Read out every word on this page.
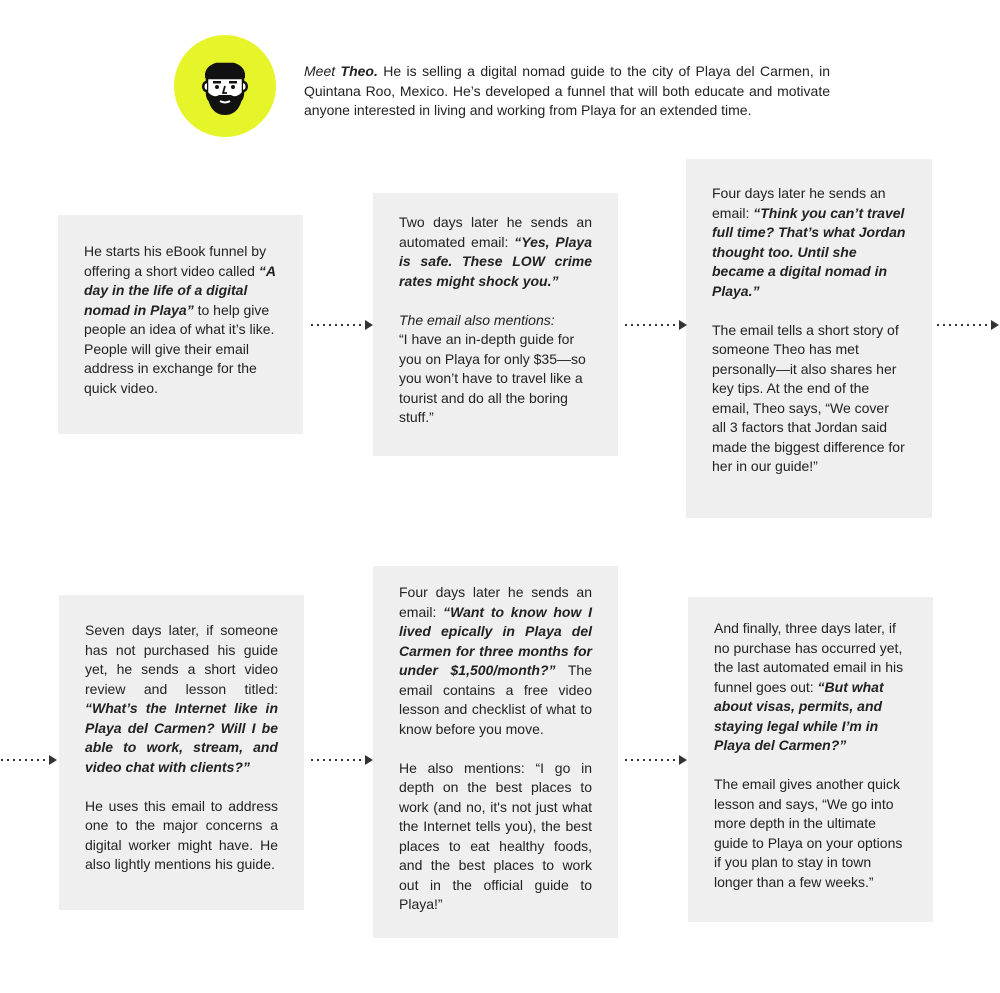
Meet Theo. He is selling a digital nomad guide to the city of Playa del Carmen, in Quintana Roo, Mexico. He’s developed a funnel that will both educate and motivate anyone interested in living and working from Playa for an extended time.

He starts his eBook funnel by offering a short video called “A day in the life of a digital nomad in Playa” to help give people an idea of what it’s like. People will give their email address in exchange for the quick video.

Two days later he sends an automated email: “Yes, Playa is safe. These LOW crime rates might shock you.”

The email also mentions:
“I have an in-depth guide for you on Playa for only $35—so you won’t have to travel like a tourist and do all the boring stuff.”

Four days later he sends an email: “Think you can’t travel full time? That’s what Jordan thought too. Until she became a digital nomad in Playa.”

The email tells a short story of someone Theo has met personally—it also shares her key tips. At the end of the email, Theo says, “We cover all 3 factors that Jordan said made the biggest difference for her in our guide!”

Seven days later, if someone has not purchased his guide yet, he sends a short video review and lesson titled: “What’s the Internet like in Playa del Carmen? Will I be able to work, stream, and video chat with clients?”

He uses this email to address one to the major concerns a digital worker might have. He also lightly mentions his guide.

Four days later he sends an email: “Want to know how I lived epically in Playa del Carmen for three months for under $1,500/month?” The email contains a free video lesson and checklist of what to know before you move.

He also mentions: “I go in depth on the best places to work (and no, it's not just what the Internet tells you), the best places to eat healthy foods, and the best places to work out in the official guide to Playa!”

And finally, three days later, if no purchase has occurred yet, the last automated email in his funnel goes out: “But what about visas, permits, and staying legal while I’m in Playa del Carmen?”

The email gives another quick lesson and says, “We go into more depth in the ultimate guide to Playa on your options if you plan to stay in town longer than a few weeks.”
